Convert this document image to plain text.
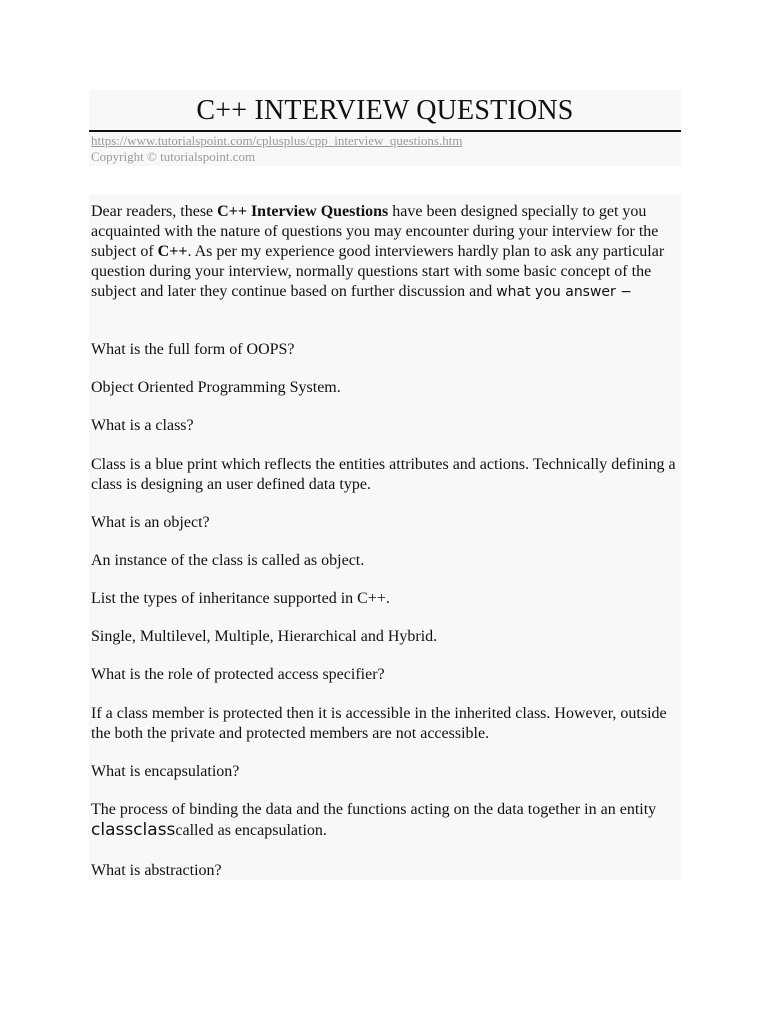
C++ INTERVIEW QUESTIONS
https://www.tutorialspoint.com/cplusplus/cpp_interview_questions.htm
Copyright © tutorialspoint.com

Dear readers, these C++ Interview Questions have been designed specially to get you acquainted with the nature of questions you may encounter during your interview for the subject of C++. As per my experience good interviewers hardly plan to ask any particular question during your interview, normally questions start with some basic concept of the subject and later they continue based on further discussion and what you answer −

What is the full form of OOPS?

Object Oriented Programming System.

What is a class?

Class is a blue print which reflects the entities attributes and actions. Technically defining a class is designing an user defined data type.

What is an object?

An instance of the class is called as object.

List the types of inheritance supported in C++.

Single, Multilevel, Multiple, Hierarchical and Hybrid.

What is the role of protected access specifier?

If a class member is protected then it is accessible in the inherited class. However, outside the both the private and protected members are not accessible.

What is encapsulation?

The process of binding the data and the functions acting on the data together in an entity classclasscalled as encapsulation.

What is abstraction?
